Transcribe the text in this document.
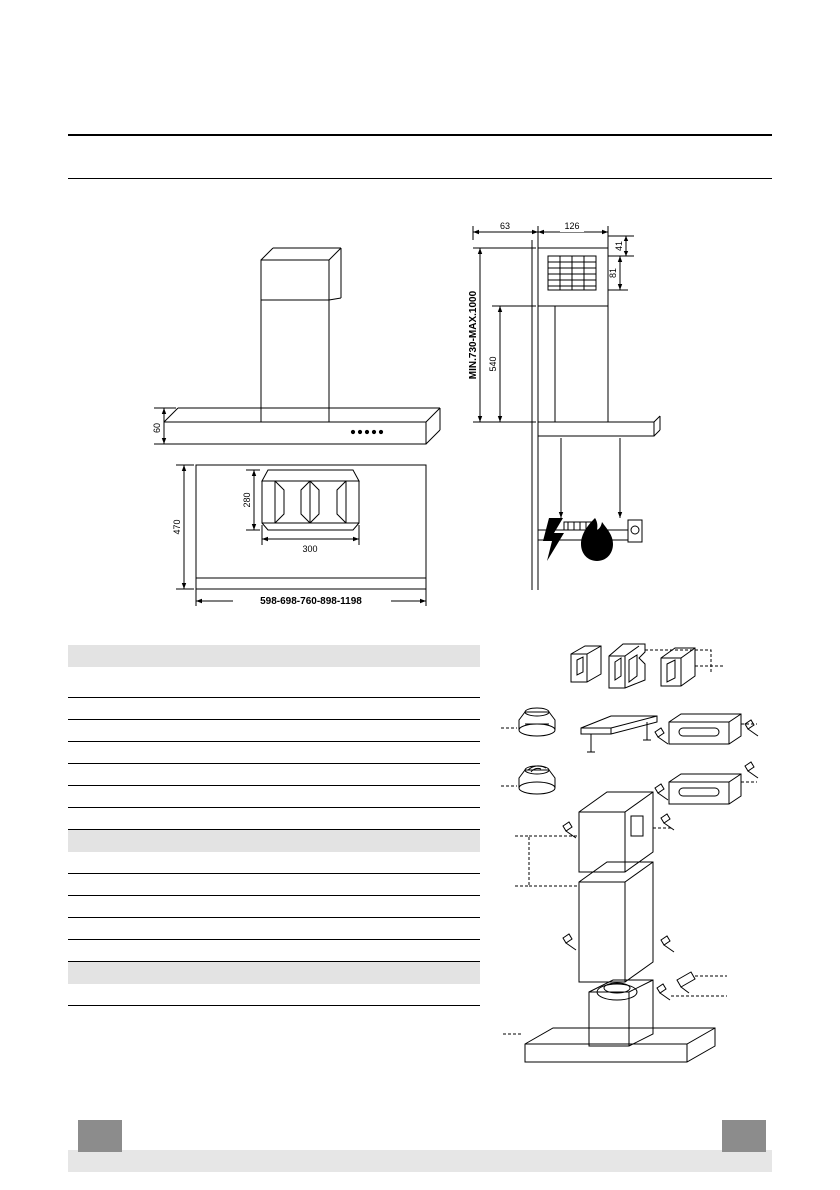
60
280
470
300
598-698-760-898-1198
MIN.730-MAX.1000 540
63	126
41
81
